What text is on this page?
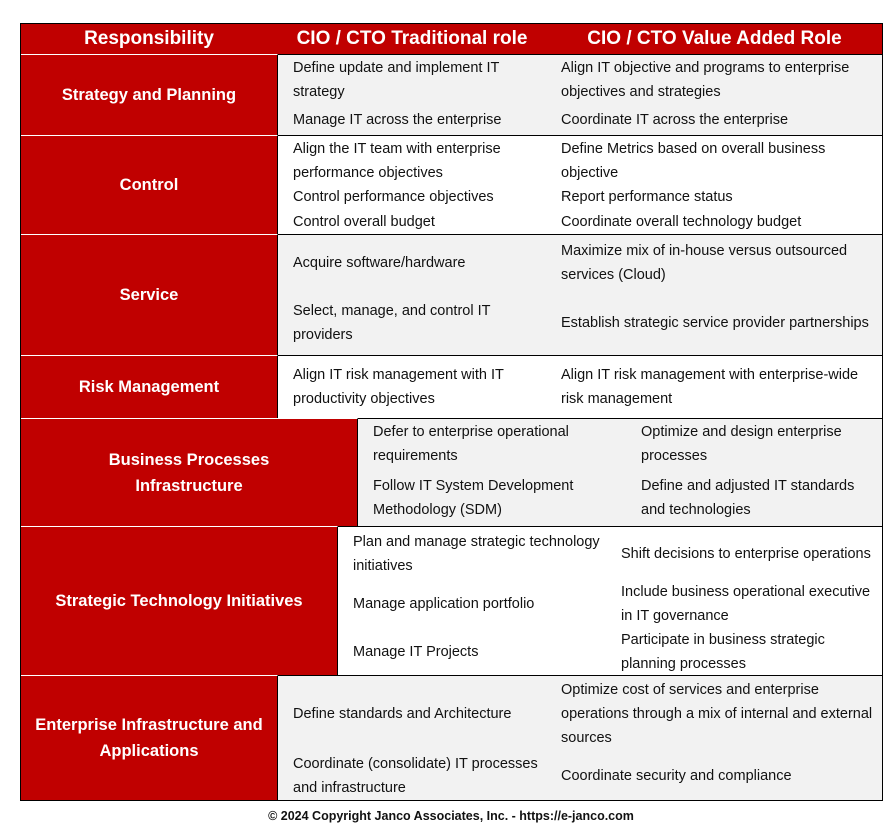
Responsibility	CIO / CTO Traditional role	CIO / CTO Value Added Role
Strategy and Planning
Define update and implement IT strategy
Manage IT across the enterprise
Align IT objective and programs to enterprise objectives and strategies
Coordinate IT across the enterprise
Control
Align the IT team with enterprise performance objectives
Control performance objectives
Control overall budget
Define Metrics based on overall business objective
Report performance status
Coordinate overall technology budget
Service
Acquire software/hardware
Select, manage, and control IT providers
Maximize mix of in-house versus outsourced services (Cloud)
Establish strategic service provider partnerships
Risk Management
Align IT risk management with IT productivity objectives
Align IT risk management with enterprise-wide risk management
Business Processes Infrastructure
Defer to enterprise operational requirements
Follow IT System Development Methodology (SDM)
Optimize and design enterprise processes
Define and adjusted IT standards and technologies
Strategic Technology Initiatives
Plan and manage strategic technology initiatives
Manage application portfolio
Manage IT Projects
Shift decisions to enterprise operations
Include business operational executive in IT governance
Participate in business strategic planning processes
Enterprise Infrastructure and Applications
Define standards and Architecture
Coordinate (consolidate) IT processes and infrastructure
Optimize cost of services and enterprise operations through a mix of internal and external sources
Coordinate security and compliance
© 2024 Copyright Janco Associates, Inc. - https://e-janco.com
